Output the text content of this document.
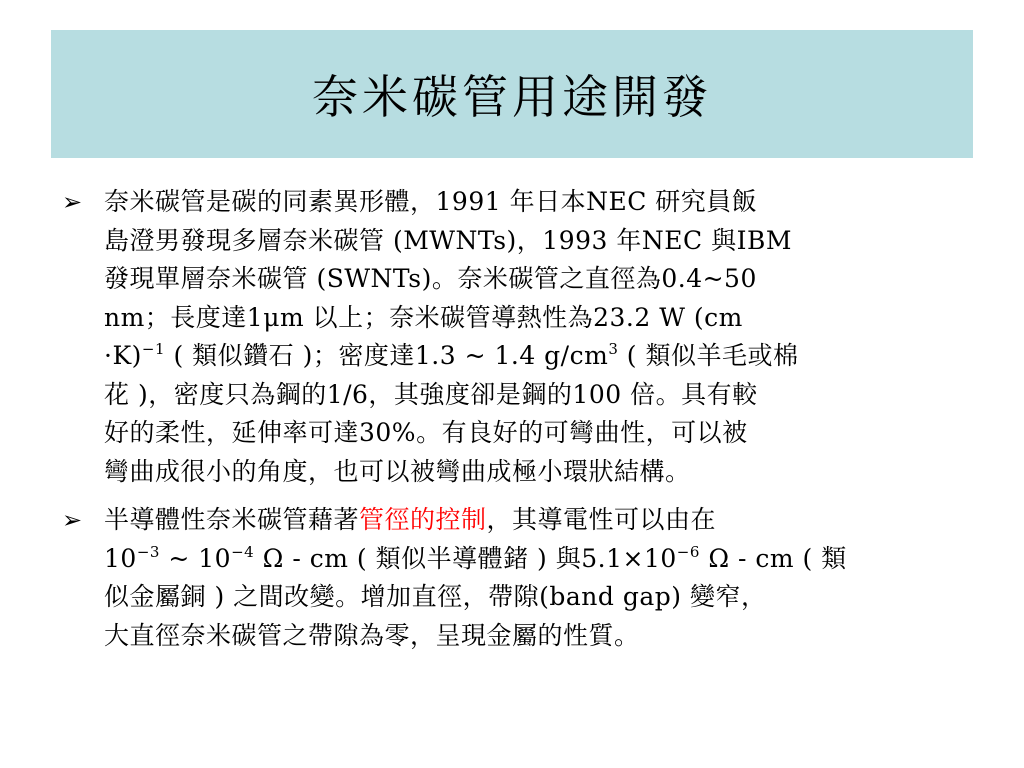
奈米碳管用途開發
➢ 奈米碳管是碳的同素異形體，1991 年日本NEC 研究員飯
島澄男發現多層奈米碳管 (MWNTs)，1993 年NEC 與IBM
發現單層奈米碳管 (SWNTs)。奈米碳管之直徑為0.4~50
nm；長度達1μm 以上；奈米碳管導熱性為23.2 W (cm
·K)$^{-1}$ ( 類似鑽石 )；密度達1.3 ~ 1.4 $g/cm^3$ ( 類似羊毛或棉
花 )，密度只為鋼的1/6，其強度卻是鋼的100 倍。具有較
好的柔性，延伸率可達30%。有良好的可彎曲性，可以被
彎曲成很小的角度，也可以被彎曲成極小環狀結構。
➢ 半導體性奈米碳管藉著管徑的控制，其導電性可以由在
$10^{-3}$ ~ $10^{-4}$ Ω - cm ( 類似半導體鍺 ) 與$5.1\times 10^{-6}$ Ω - cm ( 類
似金屬銅 ) 之間改變。增加直徑，帶隙(band gap) 變窄，
大直徑奈米碳管之帶隙為零，呈現金屬的性質。
